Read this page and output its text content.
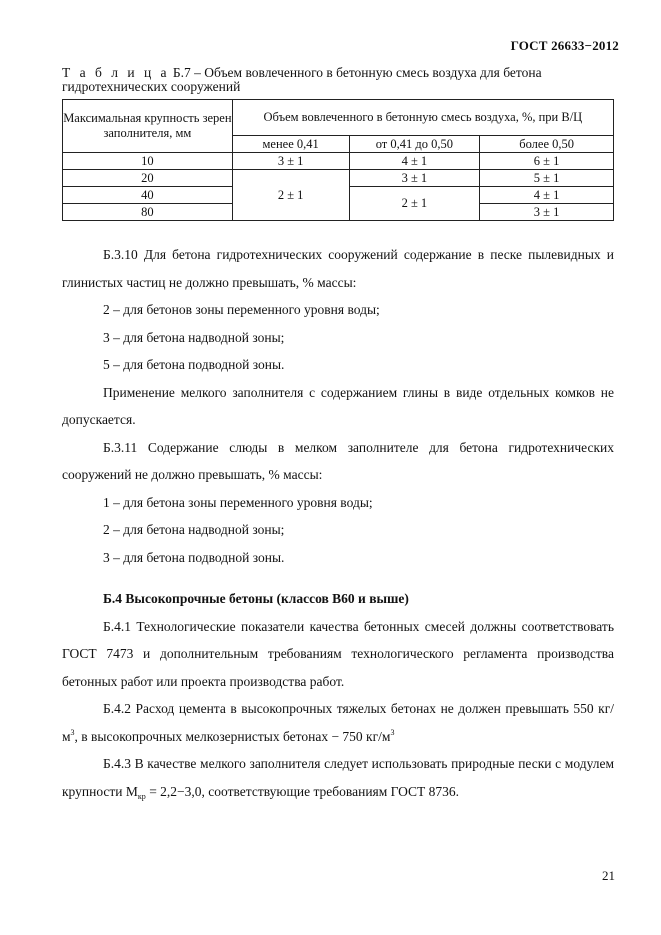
ГОСТ 26633−2012
Т а б л и ц а Б.7 – Объем вовлеченного в бетонную смесь воздуха для бетона гидротехнических сооружений
Максимальная крупность зерен заполнителя, мм	Объем вовлеченного в бетонную смесь воздуха, %, при В/Ц		
	менее 0,41	от 0,41 до 0,50	более 0,50
10	3 ± 1	4 ± 1	6 ± 1
20	2 ± 1	3 ± 1	5 ± 1
40		2 ± 1	4 ± 1
80			3 ± 1

Б.3.10 Для бетона гидротехнических сооружений содержание в песке пылевидных и глинистых частиц не должно превышать, % массы:

2 – для бетонов зоны переменного уровня воды;

3 – для бетона надводной зоны;

5 – для бетона подводной зоны.

Применение мелкого заполнителя с содержанием глины в виде отдельных комков не допускается.

Б.3.11 Содержание слюды в мелком заполнителе для бетона гидротехнических сооружений не должно превышать, % массы:

1 – для бетона зоны переменного уровня воды;

2 – для бетона надводной зоны;

3 – для бетона подводной зоны.

Б.4 Высокопрочные бетоны (классов В60 и выше)

Б.4.1 Технологические показатели качества бетонных смесей должны соответствовать ГОСТ 7473 и дополнительным требованиям технологического регламента производства бетонных работ или проекта производства работ.

Б.4.2 Расход цемента в высокопрочных тяжелых бетонах не должен превышать 550 $кг/м^3$, в высокопрочных мелкозернистых бетонах − 750 $кг/м^3$

Б.4.3 В качестве мелкого заполнителя следует использовать природные пески с модулем крупности $М_{кр} = 2,2-3,0$, соответствующие требованиям ГОСТ 8736.

21
